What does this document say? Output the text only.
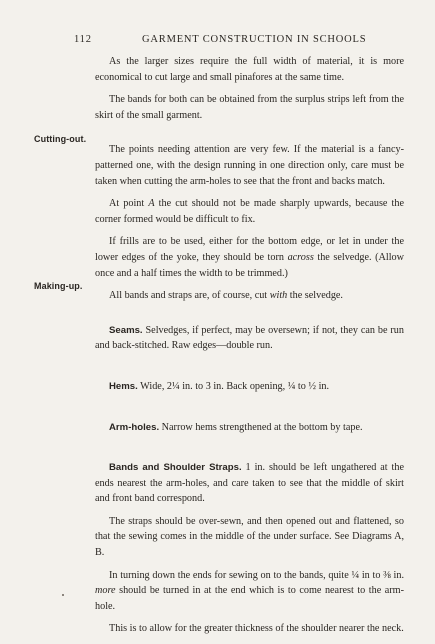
112	GARMENT CONSTRUCTION IN SCHOOLS
Cutting-out.
Making-up.

As the larger sizes require the full width of material, it is more economical to cut large and small pinafores at the same time.

The bands for both can be obtained from the surplus strips left from the skirt of the small garment.

The points needing attention are very few. If the material is a fancy-patterned one, with the design running in one direction only, care must be taken when cutting the arm-holes to see that the front and backs match.

At point A the cut should not be made sharply upwards, because the corner formed would be difficult to fix.

If frills are to be used, either for the bottom edge, or let in under the lower edges of the yoke, they should be torn across the selvedge. (Allow once and a half times the width to be trimmed.)

All bands and straps are, of course, cut with the selvedge.

Seams. Selvedges, if perfect, may be oversewn; if not, they can be run and back-stitched. Raw edges—double run.

Hems. Wide, 2¼ in. to 3 in. Back opening, ¼ to ½ in.

Arm-holes. Narrow hems strengthened at the bottom by tape.

Bands and Shoulder Straps. 1 in. should be left ungathered at the ends nearest the arm-holes, and care taken to see that the middle of skirt and front band correspond.

The straps should be over-sewn, and then opened out and flattened, so that the sewing comes in the middle of the under surface. See Diagrams A, B.

In turning down the ends for sewing on to the bands, quite ¼ in to ⅜ in. more should be turned in at the end which is to come nearest to the arm-hole.

This is to allow for the greater thickness of the shoulder nearer the neck.
